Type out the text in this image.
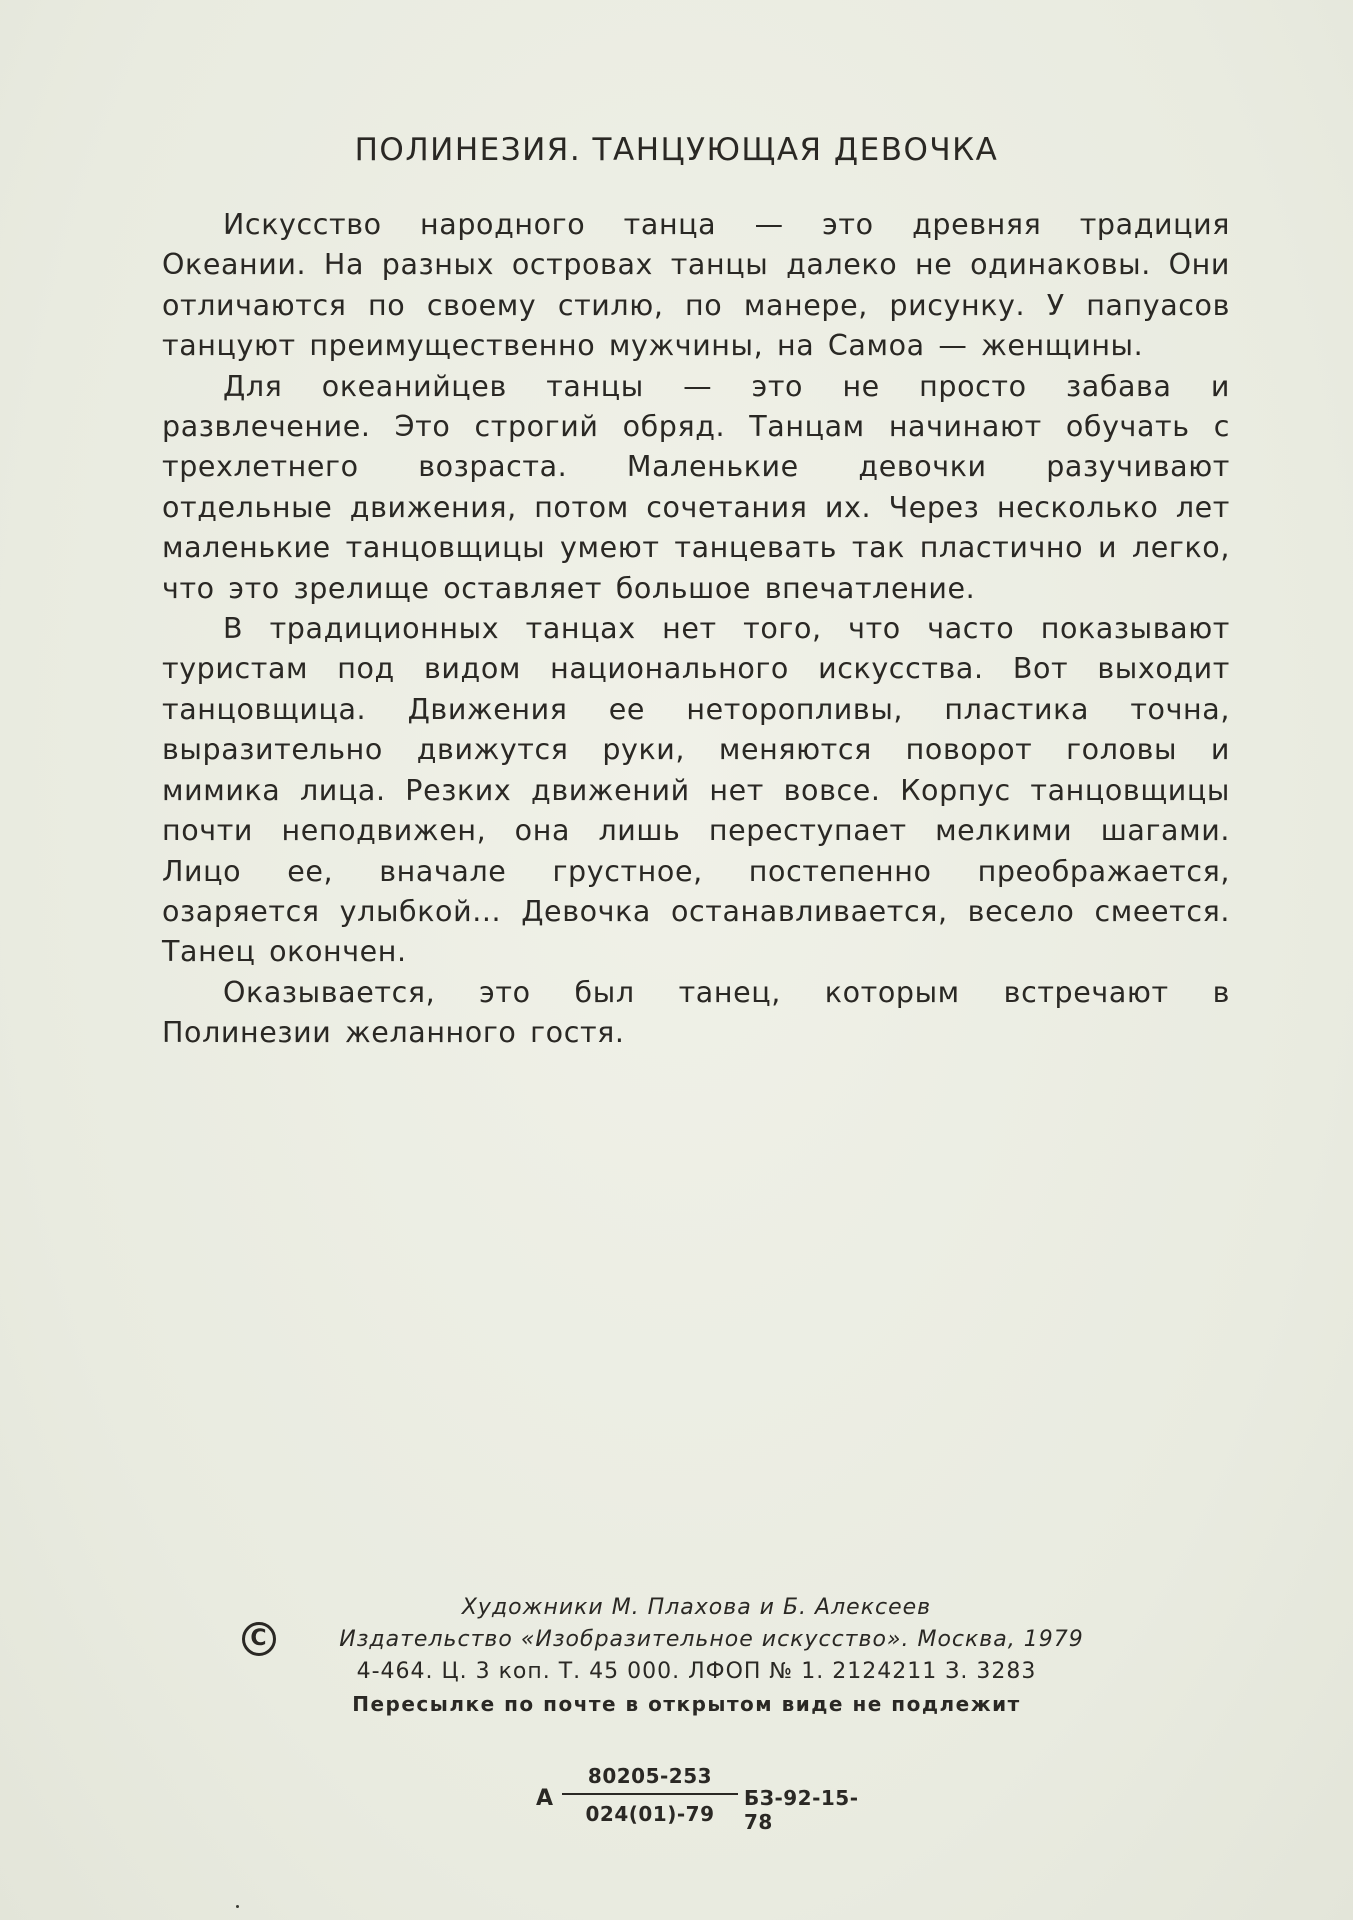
ПОЛИНЕЗИЯ. ТАНЦУЮЩАЯ ДЕВОЧКА

Искусство народного танца — это древняя традиция Океании. На разных островах танцы далеко не одинаковы. Они отличаются по своему стилю, по манере, рисунку. У папуасов танцуют преимущественно мужчины, на Самоа — женщины.

Для океанийцев танцы — это не просто забава и развлечение. Это строгий обряд. Танцам начинают обучать с трехлетнего возраста. Маленькие девочки разучивают отдельные движения, потом сочетания их. Через несколько лет маленькие танцовщицы умеют танцевать так пластично и легко, что это зрелище оставляет большое впечатление.

В традиционных танцах нет того, что часто показывают туристам под видом национального искусства. Вот выходит танцовщица. Движения ее неторопливы, пластика точна, выразительно движутся руки, меняются поворот головы и мимика лица. Резких движений нет вовсе. Корпус танцовщицы почти неподвижен, она лишь переступает мелкими шагами. Лицо ее, вначале грустное, постепенно преображается, озаряется улыбкой... Девочка останавливается, весело смеется. Танец окончен.

Оказывается, это был танец, которым встречают в Полинезии желанного гостя.

Художники М. Плахова и Б. Алексеев
C	Издательство «Изобразительное искусство». Москва, 1979
4-464. Ц. 3 коп. Т. 45 000. ЛФОП № 1. 2124211 З. 3283
Пересылке по почте в открытом виде не подлежит
А
80205-253
024(01)-79
БЗ-92-15-78
